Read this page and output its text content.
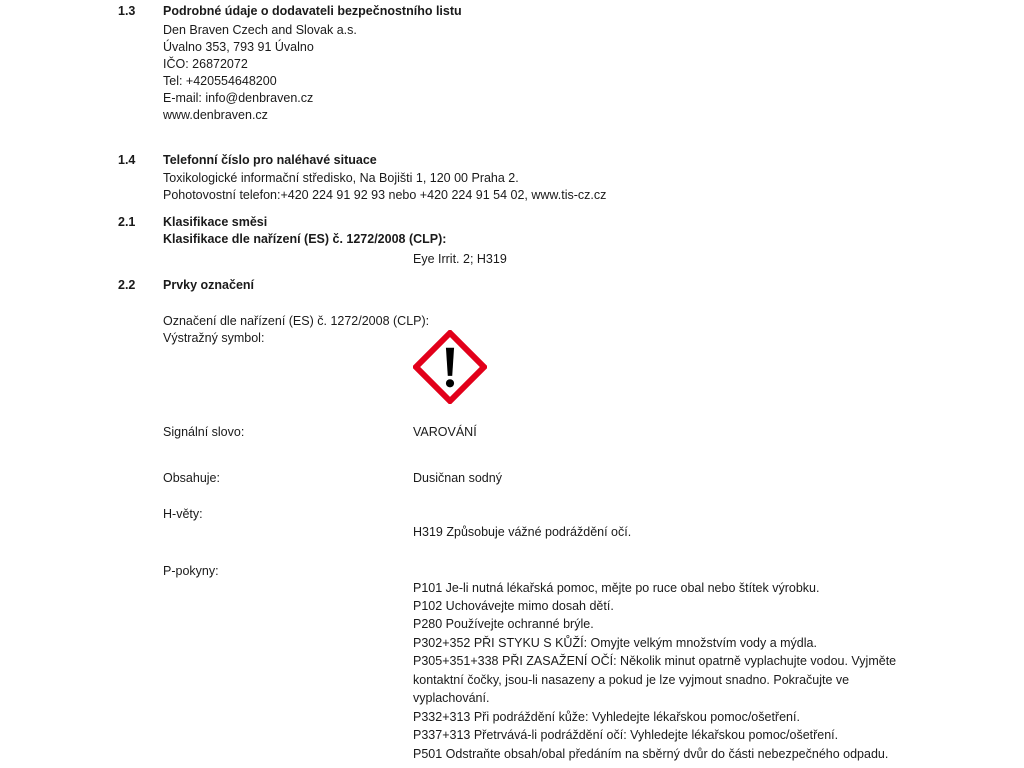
1.3 Podrobné údaje o dodavateli bezpečnostního listu
Den Braven Czech and Slovak a.s.
Úvalno 353, 793 91 Úvalno
IČO: 26872072
Tel: +420554648200
E-mail: info@denbraven.cz
www.denbraven.cz
1.4 Telefonní číslo pro naléhavé situace
Toxikologické informační středisko, Na Bojišti 1, 120 00 Praha 2.
Pohotovostní telefon:+420 224 91 92 93 nebo +420 224 91 54 02, www.tis-cz.cz
2.1 Klasifikace směsi
Klasifikace dle nařízení (ES) č. 1272/2008 (CLP):
Eye Irrit. 2; H319
2.2 Prvky označení
Označení dle nařízení (ES) č. 1272/2008 (CLP):
Výstražný symbol:
Signální slovo:	VAROVÁNÍ
Obsahuje:	Dusičnan sodný
H-věty:
H319 Způsobuje vážné podráždění očí.
P-pokyny:
P101 Je-li nutná lékařská pomoc, mějte po ruce obal nebo štítek výrobku.
P102 Uchovávejte mimo dosah dětí.
P280 Používejte ochranné brýle.
P302+352 PŘI STYKU S KŮŽÍ: Omyjte velkým množstvím vody a mýdla.
P305+351+338 PŘI ZASAŽENÍ OČÍ: Několik minut opatrně vyplachujte vodou. Vyjměte
kontaktní čočky, jsou-li nasazeny a pokud je lze vyjmout snadno. Pokračujte ve
vyplachování.
P332+313 Při podráždění kůže: Vyhledejte lékařskou pomoc/ošetření.
P337+313 Přetrvává-li podráždění očí: Vyhledejte lékařskou pomoc/ošetření.
P501 Odstraňte obsah/obal předáním na sběrný dvůr do části nebezpečného odpadu.
